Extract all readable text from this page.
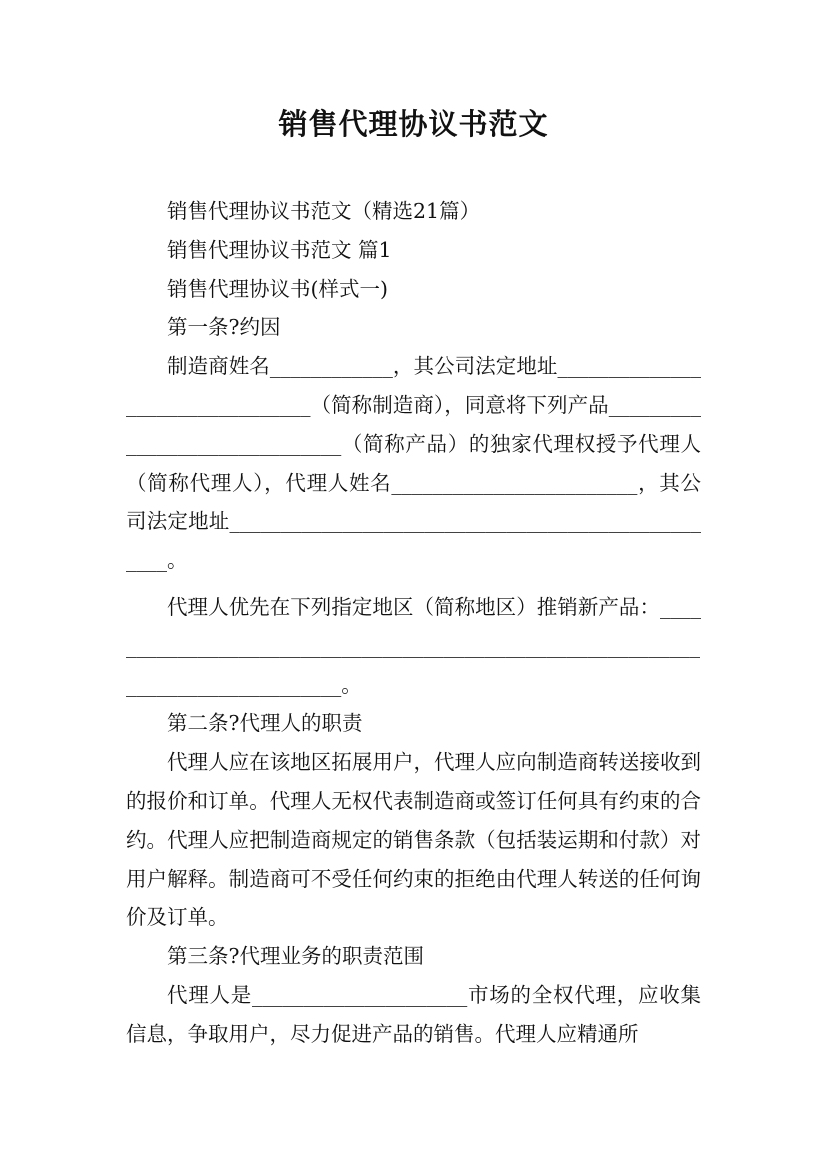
销售代理协议书范文

销售代理协议书范文（精选21篇）

销售代理协议书范文 篇1

销售代理协议书(样式一)

第一条?约因

制造商姓名____________，其公司法定地址________________________________（简称制造商），同意将下列产品______________________________（简称产品）的独家代理权授予代理人（简称代理人），代理人姓名________________________，其公司法定地址__________________________________________________。

代理人优先在下列指定地区（简称地区）推销新产品：_________________________________________________________________________________。

第二条?代理人的职责

代理人应在该地区拓展用户，代理人应向制造商转送接收到的报价和订单。代理人无权代表制造商或签订任何具有约束的合约。代理人应把制造商规定的销售条款（包括装运期和付款）对用户解释。制造商可不受任何约束的拒绝由代理人转送的任何询价及订单。

第三条?代理业务的职责范围

代理人是_____________________市场的全权代理，应收集信息，争取用户，尽力促进产品的销售。代理人应精通所
